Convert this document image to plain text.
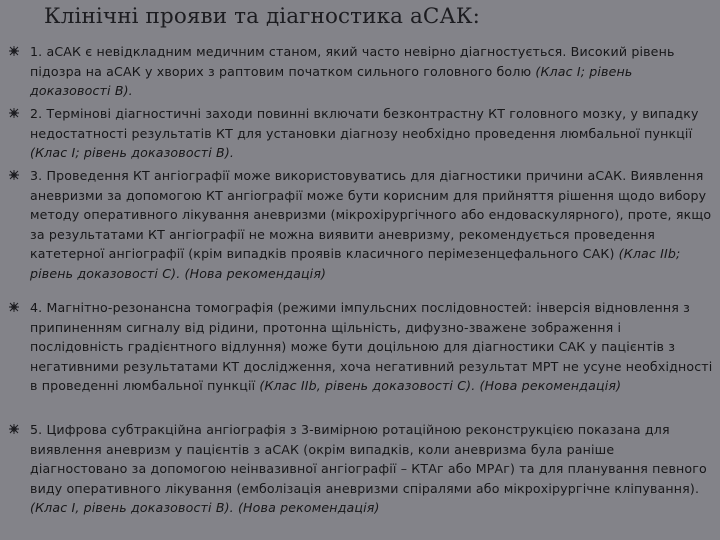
Клінічні прояви та діагностика аСАК:
1. аСАК є невідкладним медичним станом, який часто невірно діагностується. Високий рівень підозра на аСАК у хворих з раптовим початком сильного головного болю (Клас I; рівень доказовості B).
2. Термінові діагностичні заходи повинні включати безконтрастну КТ головного мозку, у випадку недостатності результатів КТ для установки діагнозу необхідно проведення люмбальної пункції (Клас I; рівень доказовості B).
3. Проведення КТ ангіографії може використовуватись для діагностики причини аСАК. Виявлення аневризми за допомогою КТ ангіографії може бути корисним для прийняття рішення щодо вибору методу оперативного лікування аневризми (мікрохірургічного або ендоваскулярного), проте, якщо за результатами КТ ангіографії не можна виявити аневризму, рекомендується проведення катетерної ангіографії (крім випадків проявів класичного перімезенцефального САК) (Клас IIb; рівень доказовості C). (Нова рекомендація)
4. Магнітно-резонансна томографія (режими імпульсних послідовностей: інверсія відновлення з припиненням сигналу від рідини, протонна щільність, дифузно-зважене зображення і послідовність градієнтного відлуння) може бути доцільною для діагностики САК у пацієнтів з негативними результатами КТ дослідження, хоча негативний результат МРТ не усуне необхідності в проведенні люмбальної пункції (Клас IIb, рівень доказовості C). (Нова рекомендація)
5. Цифрова субтракційна ангіографія з 3-вимірною ротаційною реконструкцією показана для виявлення аневризм у пацієнтів з аСАК (окрім випадків, коли аневризма була раніше діагностовано за допомогою неінвазивної ангіографії – КТАг або МРАг) та для планування певного виду оперативного лікування (емболізація аневризми спіралями або мікрохірургічне кліпування). (Клас I, рівень доказовості B). (Нова рекомендація)
